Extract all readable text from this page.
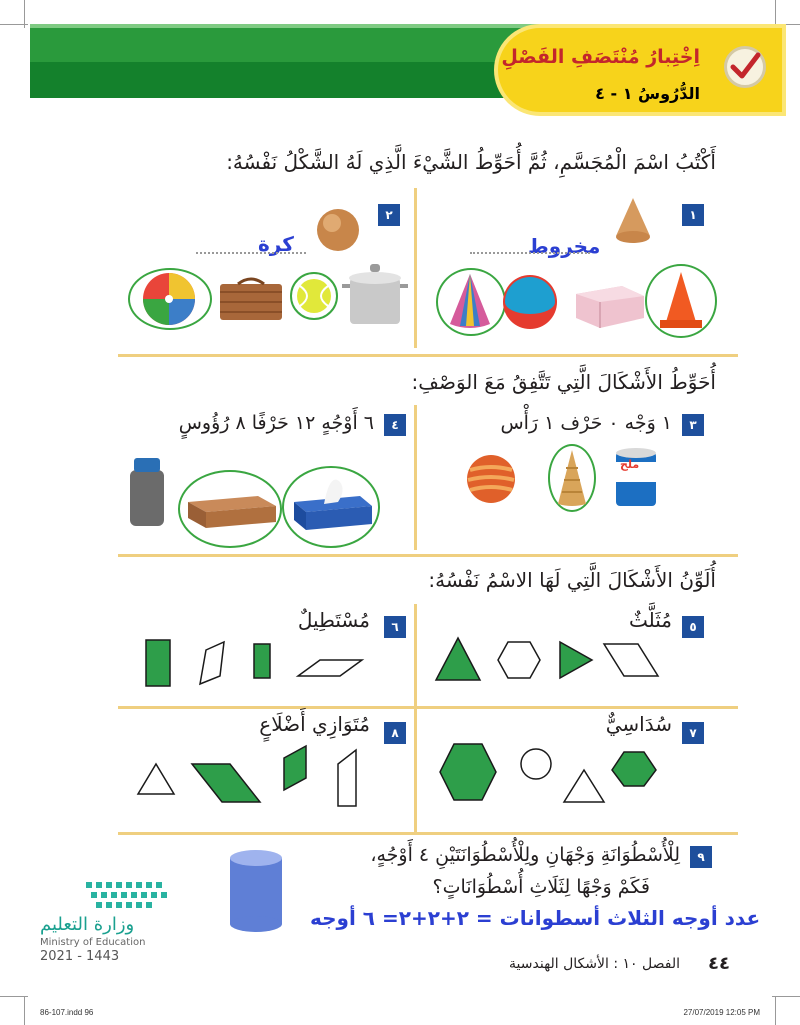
اِخْتِبارُ مُنْتَصَفِ الفَصْلِ
الدُّرُوسُ ١ - ٤
أَكْتُبُ اسْمَ الْمُجَسَّمِ، ثُمَّ أُحَوِّطُ الشَّيْءَ الَّذِي لَهُ الشَّكْلُ نَفْسُهُ:
١
٢
مخروط
كرة
أُحَوِّطُ الأَشْكَالَ الَّتِي تَتَّفِقُ مَعَ الوَصْفِ:
٣
٤	١ وَجْه ٠ حَرْف ١ رَأْس
٦ أَوْجُهٍ ١٢ حَرْفًا ٨ رُؤُوسٍ
ملح
أُلَوِّنُ الأَشْكَالَ الَّتِي لَهَا الاسْمُ نَفْسُهُ:
٥
مُثَلَّثٌ
٦
مُسْتَطِيلٌ
٧
سُدَاسِيٌّ
٨
مُتَوَازِي أَضْلَاعٍ
٩
لِلْأُسْطُوَانَةِ وَجْهَانِ ولِلْأُسْطُوَانَتَيْنِ ٤ أَوْجُهٍ،
فَكَمْ وَجْهًا لِثَلَاثِ أُسْطُوَانَاتٍ؟
عدد أوجه الثلاث أسطوانات = ٢+٢+٢= ٦ أوجه
وزارة التعليم
Ministry of Education
2021 - 1443	٤٤
الفصل ١٠ : الأشكال الهندسية
86-107.indd 96	27/07/2019 12:05 PM
